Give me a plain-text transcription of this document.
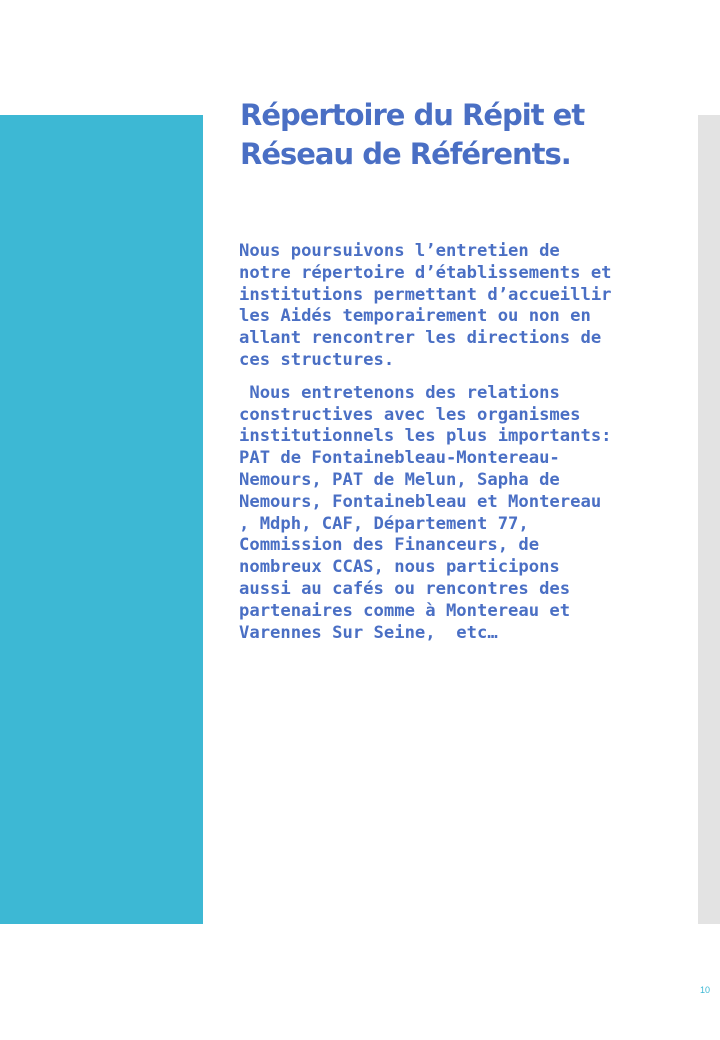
Répertoire du Répit et
Réseau de Référents.

Nous poursuivons l’entretien de
notre répertoire d’établissements et
institutions permettant d’accueillir
les Aidés temporairement ou non en
allant rencontrer les directions de
ces structures.

Nous entretenons des relations
constructives avec les organismes
institutionnels les plus importants:
PAT de Fontainebleau-Montereau-
Nemours, PAT de Melun, Sapha de
Nemours, Fontainebleau et Montereau
, Mdph, CAF, Département 77,
Commission des Financeurs, de
nombreux CCAS, nous participons
aussi au cafés ou rencontres des
partenaires comme à Montereau et
Varennes Sur Seine,  etc…

10
